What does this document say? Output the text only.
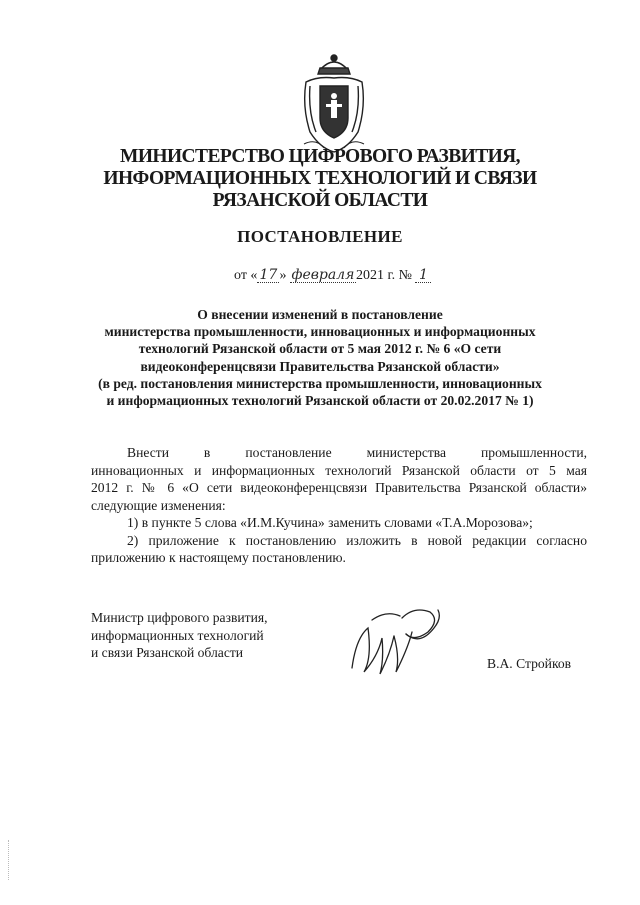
МИНИСТЕРСТВО ЦИФРОВОГО РАЗВИТИЯ,
ИНФОРМАЦИОННЫХ ТЕХНОЛОГИЙ И СВЯЗИ
РЯЗАНСКОЙ ОБЛАСТИ
ПОСТАНОВЛЕНИЕ
от « 17 » февраля 2021 г. № 1
О внесении изменений в постановление
министерства промышленности, инновационных и информационных
технологий Рязанской области от 5 мая 2012 г. № 6 «О сети
видеоконференцсвязи Правительства Рязанской области»
(в ред. постановления министерства промышленности, инновационных
и информационных технологий Рязанской области от 20.02.2017 № 1)
Внести в постановление министерства промышленности,
инновационных и информационных технологий Рязанской области от 5 мая
2012 г. № 6 «О сети видеоконференцсвязи Правительства Рязанской области»
следующие изменения:
1) в пункте 5 слова «И.М.Кучина» заменить словами «Т.А.Морозова»;
2) приложение к постановлению изложить в новой редакции согласно
приложению к настоящему постановлению.
Министр цифрового развития,
информационных технологий
и связи Рязанской области
В.А. Стройков
